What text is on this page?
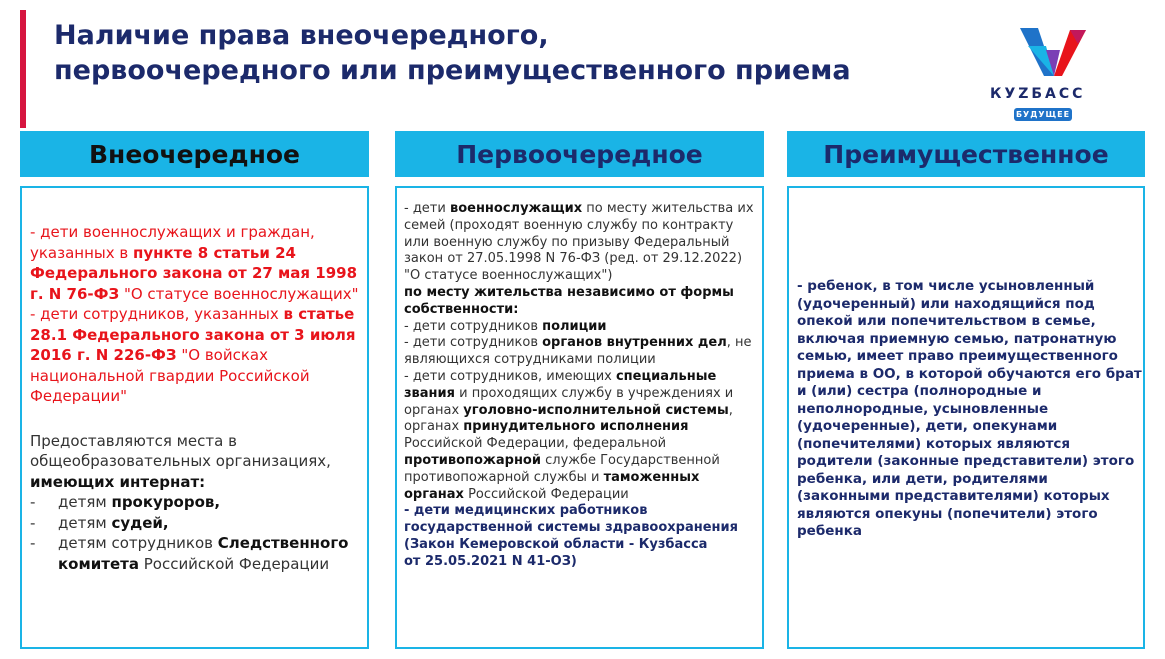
Наличие права внеочередного,
первоочередного или преимущественного приема
КУZБАСС
БУДУЩЕЕ
Внеочередное	Первоочередное	Преимущественное

- дети военнослужащих и граждан, указанных в пункте 8 статьи 24 Федерального закона от 27 мая 1998 г. N 76-ФЗ "О статусе военнослужащих"

- дети сотрудников, указанных в статье 28.1 Федерального закона от 3 июля 2016 г. N 226-ФЗ "О войсках национальной гвардии Российской Федерации"

Предоставляются места в общеобразовательных организациях, имеющих интернат:

-	детям прокуроров,
-	детям судей,
-	детям сотрудников Следственного комитета Российской Федерации

- дети военнослужащих по месту жительства их семей (проходят военную службу по контракту или военную службу по призыву Федеральный закон от 27.05.1998 N 76-ФЗ (ред. от 29.12.2022) "О статусе военнослужащих")

по месту жительства независимо от формы собственности:

- дети сотрудников полиции

- дети сотрудников органов внутренних дел, не являющихся сотрудниками полиции

- дети сотрудников, имеющих специальные звания и проходящих службу в учреждениях и органах уголовно-исполнительной системы, органах принудительного исполнения Российской Федерации, федеральной противопожарной службе Государственной противопожарной службы и таможенных органах Российской Федерации

- дети медицинских работников государственной системы здравоохранения (Закон Кемеровской области - Кузбасса

от 25.05.2021 N 41-ОЗ)

- ребенок, в том числе усыновленный (удочеренный) или находящийся под опекой или попечительством в семье, включая приемную семью, патронатную семью, имеет право преимущественного приема в ОО, в которой обучаются его брат и (или) сестра (полнородные и неполнородные, усыновленные (удочеренные), дети, опекунами (попечителями) которых являются родители (законные представители) этого ребенка, или дети, родителями (законными представителями) которых являются опекуны (попечители) этого ребенка
